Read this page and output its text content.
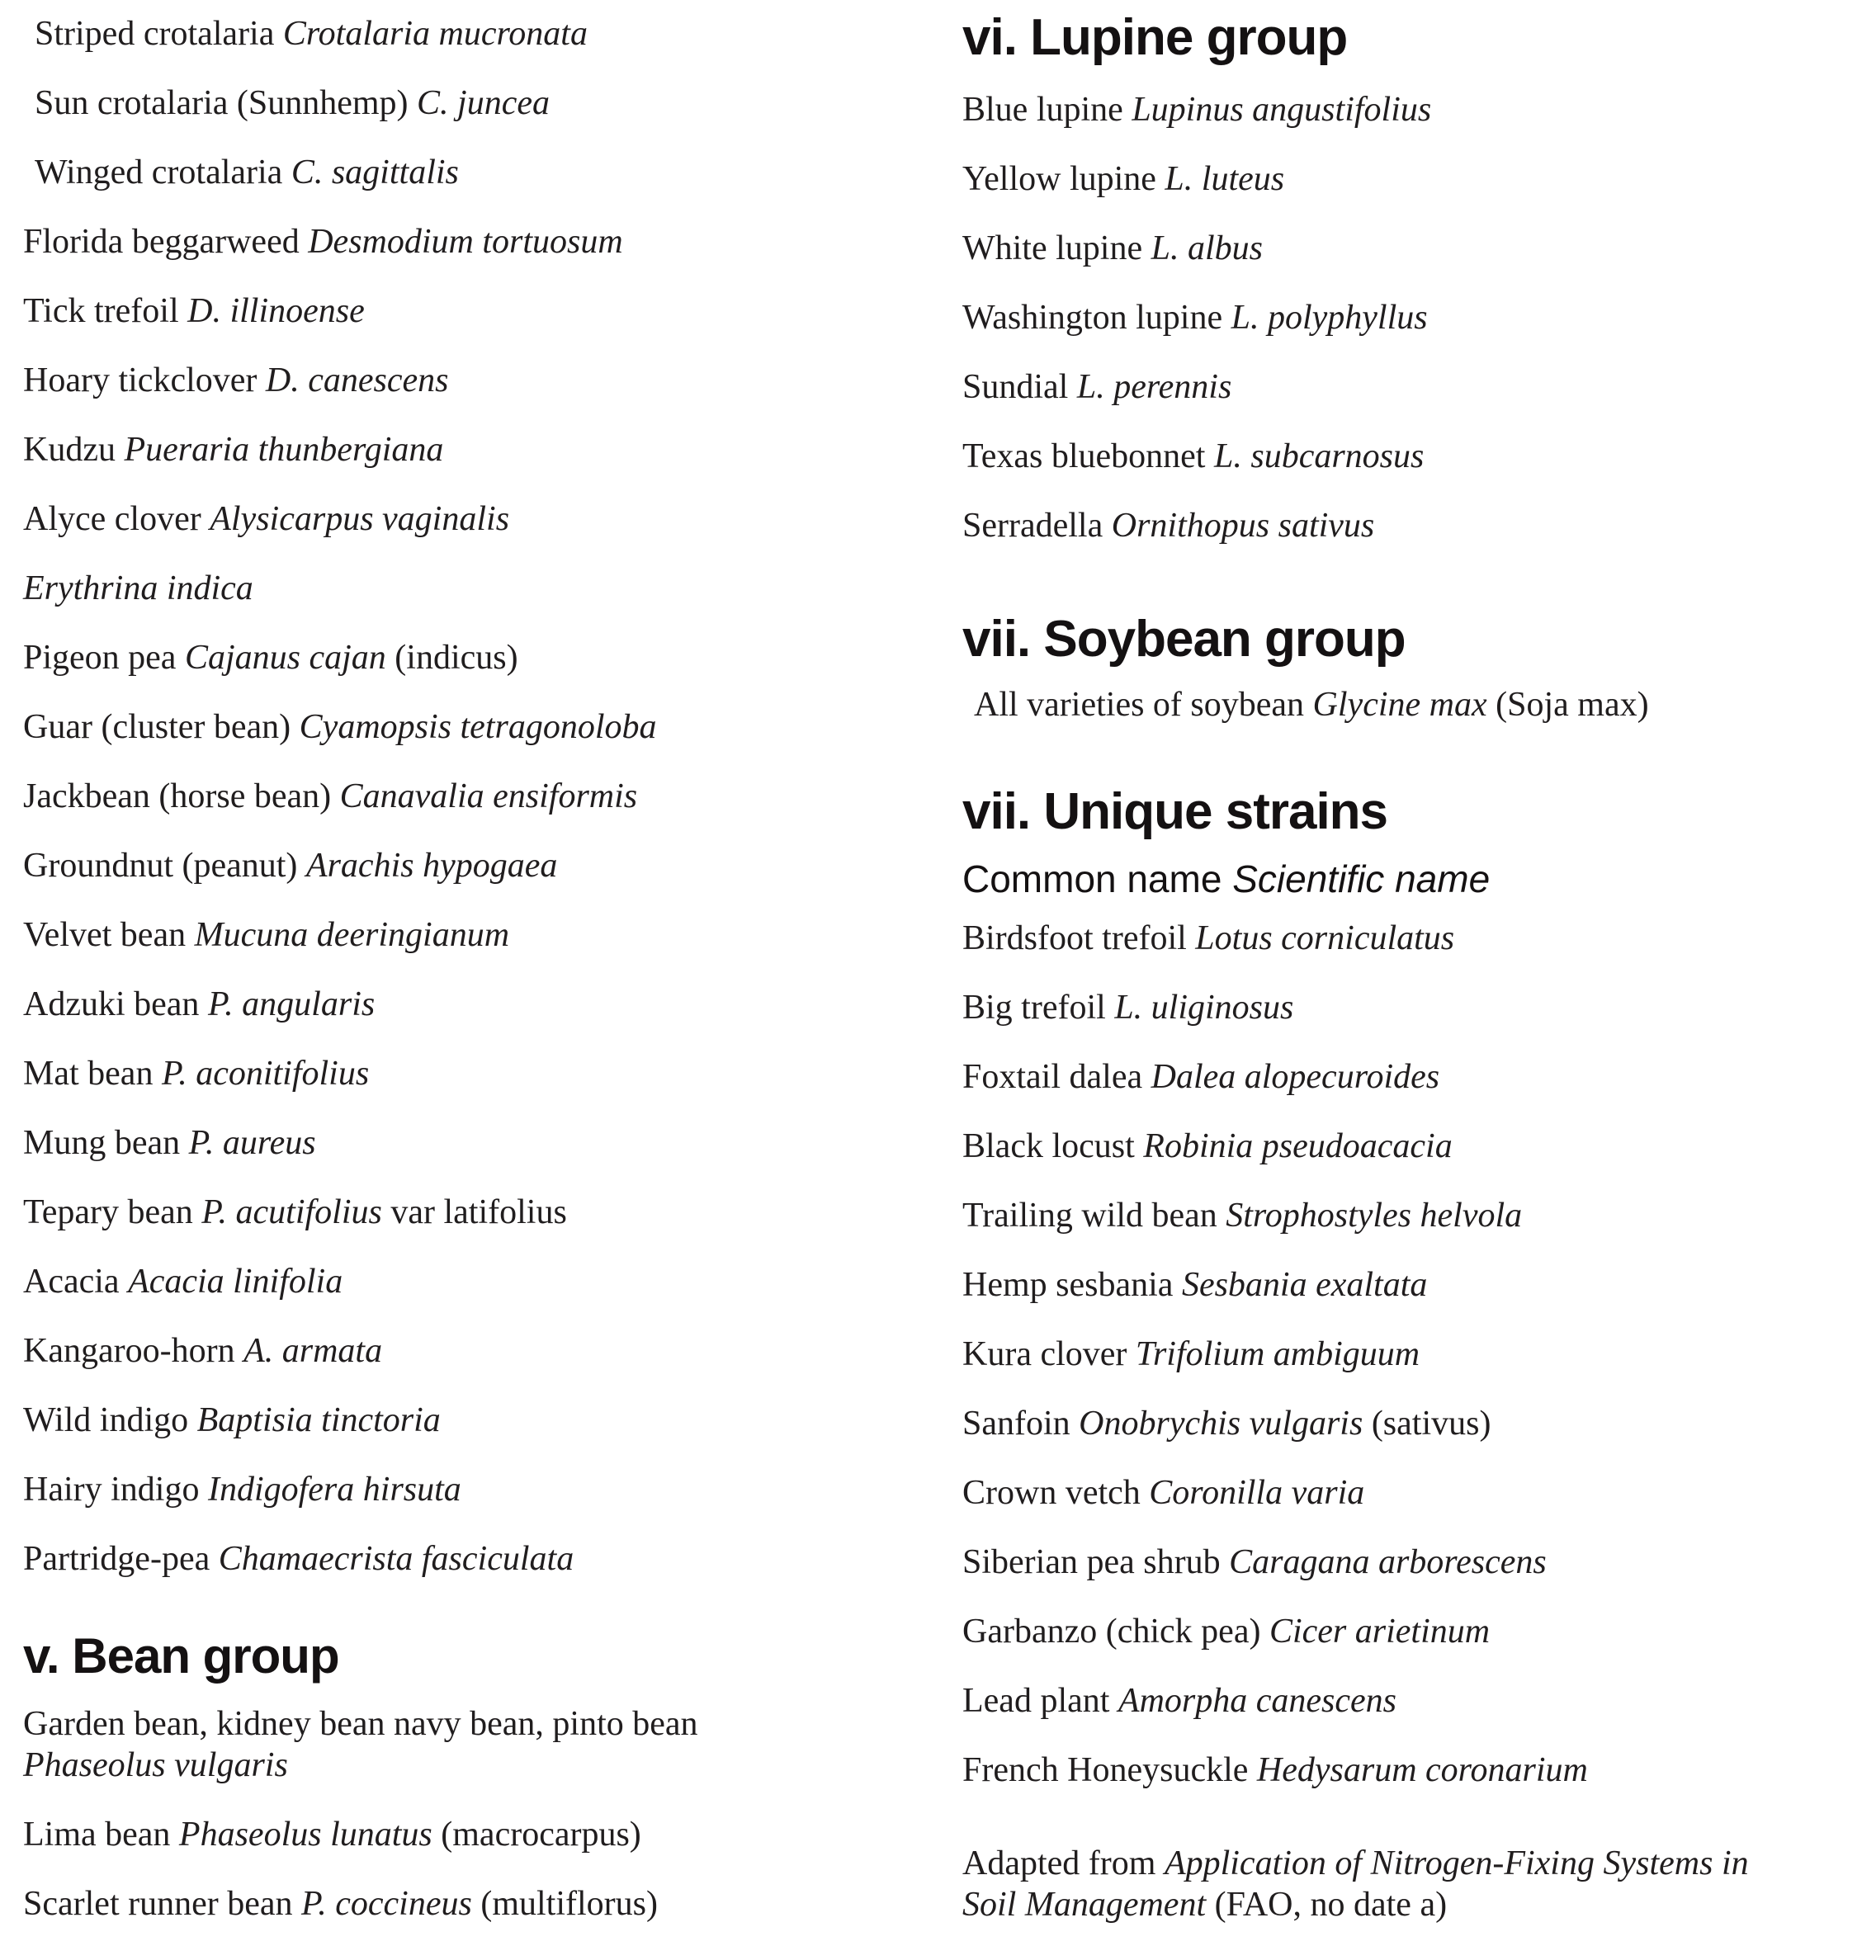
Striped crotalaria Crotalaria mucronata
Sun crotalaria (Sunnhemp) C. juncea
Winged crotalaria C. sagittalis
Florida beggarweed Desmodium tortuosum
Tick trefoil D. illinoense
Hoary tickclover D. canescens
Kudzu Pueraria thunbergiana
Alyce clover Alysicarpus vaginalis
Erythrina indica
Pigeon pea Cajanus cajan (indicus)
Guar (cluster bean) Cyamopsis tetragonoloba
Jackbean (horse bean) Canavalia ensiformis
Groundnut (peanut) Arachis hypogaea
Velvet bean Mucuna deeringianum
Adzuki bean P. angularis
Mat bean P. aconitifolius
Mung bean P. aureus
Tepary bean P. acutifolius var latifolius
Acacia Acacia linifolia
Kangaroo-horn A. armata
Wild indigo Baptisia tinctoria
Hairy indigo Indigofera hirsuta
Partridge-pea Chamaecrista fasciculata
v. Bean group
Garden bean, kidney bean navy bean, pinto bean
Phaseolus vulgaris
Lima bean Phaseolus lunatus (macrocarpus)
Scarlet runner bean P. coccineus (multiflorus)
vi. Lupine group
Blue lupine Lupinus angustifolius
Yellow lupine L. luteus
White lupine L. albus
Washington lupine L. polyphyllus
Sundial L. perennis
Texas bluebonnet L. subcarnosus
Serradella Ornithopus sativus
vii. Soybean group
All varieties of soybean Glycine max (Soja max)
vii. Unique strains
Common name Scientific name
Birdsfoot trefoil Lotus corniculatus
Big trefoil L. uliginosus
Foxtail dalea Dalea alopecuroides
Black locust Robinia pseudoacacia
Trailing wild bean Strophostyles helvola
Hemp sesbania Sesbania exaltata
Kura clover Trifolium ambiguum
Sanfoin Onobrychis vulgaris (sativus)
Crown vetch Coronilla varia
Siberian pea shrub Caragana arborescens
Garbanzo (chick pea) Cicer arietinum
Lead plant Amorpha canescens
French Honeysuckle Hedysarum coronarium
Adapted from Application of Nitrogen-Fixing Systems in
Soil Management (FAO, no date a)
